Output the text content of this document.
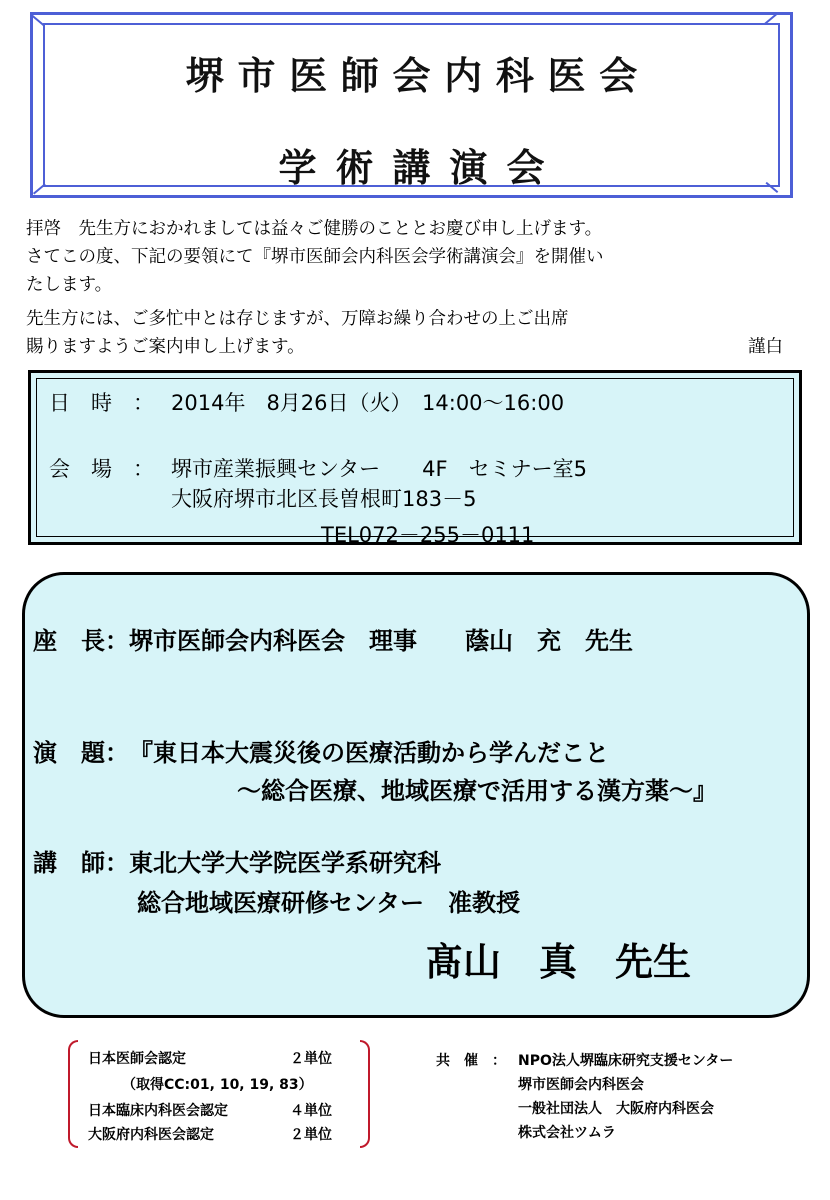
堺市医師会内科医会
学術講演会
拝啓　先生方におかれましては益々ご健勝のこととお慶び申し上げます。
さてこの度、下記の要領にて『堺市医師会内科医会学術講演会』を開催い
たします。
先生方には、ご多忙中とは存じますが、万障お繰り合わせの上ご出席
賜りますようご案内申し上げます。	謹白
日　時　： 2014年　8月26日（火）　14:00～16:00
会　場　： 堺市産業振興センター　　4F　セミナー室5
大阪府堺市北区長曽根町183－5
TEL072－255－0111
座　長： 堺市医師会内科医会　理事　　蔭山　充　先生
演　題： 『東日本大震災後の医療活動から学んだこと
～総合医療、地域医療で活用する漢方薬～』
講　師： 東北大学大学院医学系研究科
総合地域医療研修センター　准教授
髙山　真　先生
日本医師会認定	２単位
（取得CC:01, 10, 19, 83）
日本臨床内科医会認定	４単位
大阪府内科医会認定	２単位
共　催　： NPO法人堺臨床研究支援センター
堺市医師会内科医会
一般社団法人　大阪府内科医会
株式会社ツムラ
